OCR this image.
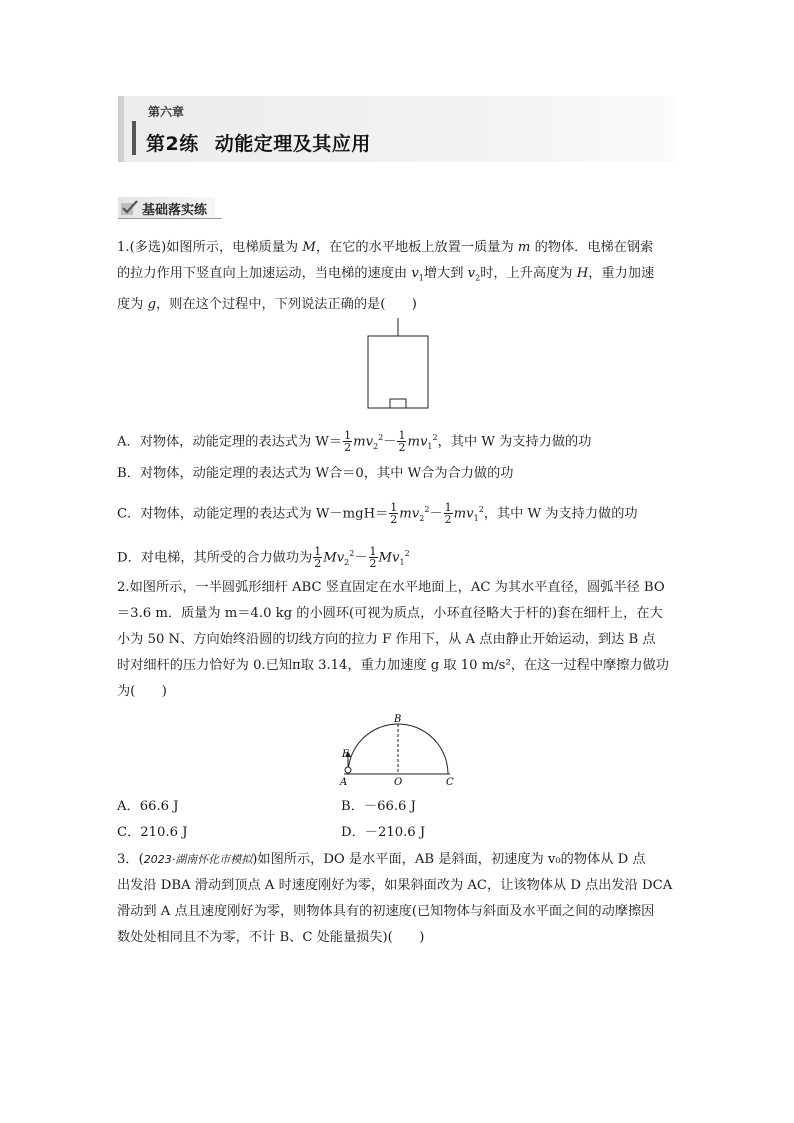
第六章
第2练 动能定理及其应用
基础落实练
1.(多选)如图所示，电梯质量为 M，在它的水平地板上放置一质量为 m 的物体．电梯在钢索
的拉力作用下竖直向上加速运动，当电梯的速度由 $v_1$增大到 $v_2$时，上升高度为 H，重力加速
度为 g，则在这个过程中，下列说法正确的是(　　)
A．对物体，动能定理的表达式为 $W= \frac{1}{2} mv_2^2- \frac{1}{2} mv_1^2$，其中 W 为支持力做的功
B．对物体，动能定理的表达式为 W合＝0，其中 W合为合力做的功
C．对物体，动能定理的表达式为 $W-mgH= \frac{1}{2} mv_2^2- \frac{1}{2} mv_1^2$，其中 W 为支持力做的功
D．对电梯，其所受的合力做功为 $\frac{1}{2} Mv_2^2- \frac{1}{2} Mv_1^2$
2.如图所示，一半圆弧形细杆 ABC 竖直固定在水平地面上，AC 为其水平直径，圆弧半径 BO
＝3.6 m．质量为 m＝4.0 kg 的小圆环(可视为质点，小环直径略大于杆的)套在细杆上，在大
小为 50 N、方向始终沿圆的切线方向的拉力 F 作用下，从 A 点由静止开始运动，到达 B 点
时对细杆的压力恰好为 0.已知π取 3.14，重力加速度 g 取 10 m/s²，在这一过程中摩擦力做功
为(　　)
B
A	O	C
F
A．66.6 J	B．－66.6 J
C．210.6 J	D．－210.6 J
3．(2023·湖南怀化市模拟)如图所示，DO 是水平面，AB 是斜面，初速度为 v₀的物体从 D 点
出发沿 DBA 滑动到顶点 A 时速度刚好为零，如果斜面改为 AC，让该物体从 D 点出发沿 DCA
滑动到 A 点且速度刚好为零，则物体具有的初速度(已知物体与斜面及水平面之间的动摩擦因
数处处相同且不为零，不计 B、C 处能量损失)(　　)
